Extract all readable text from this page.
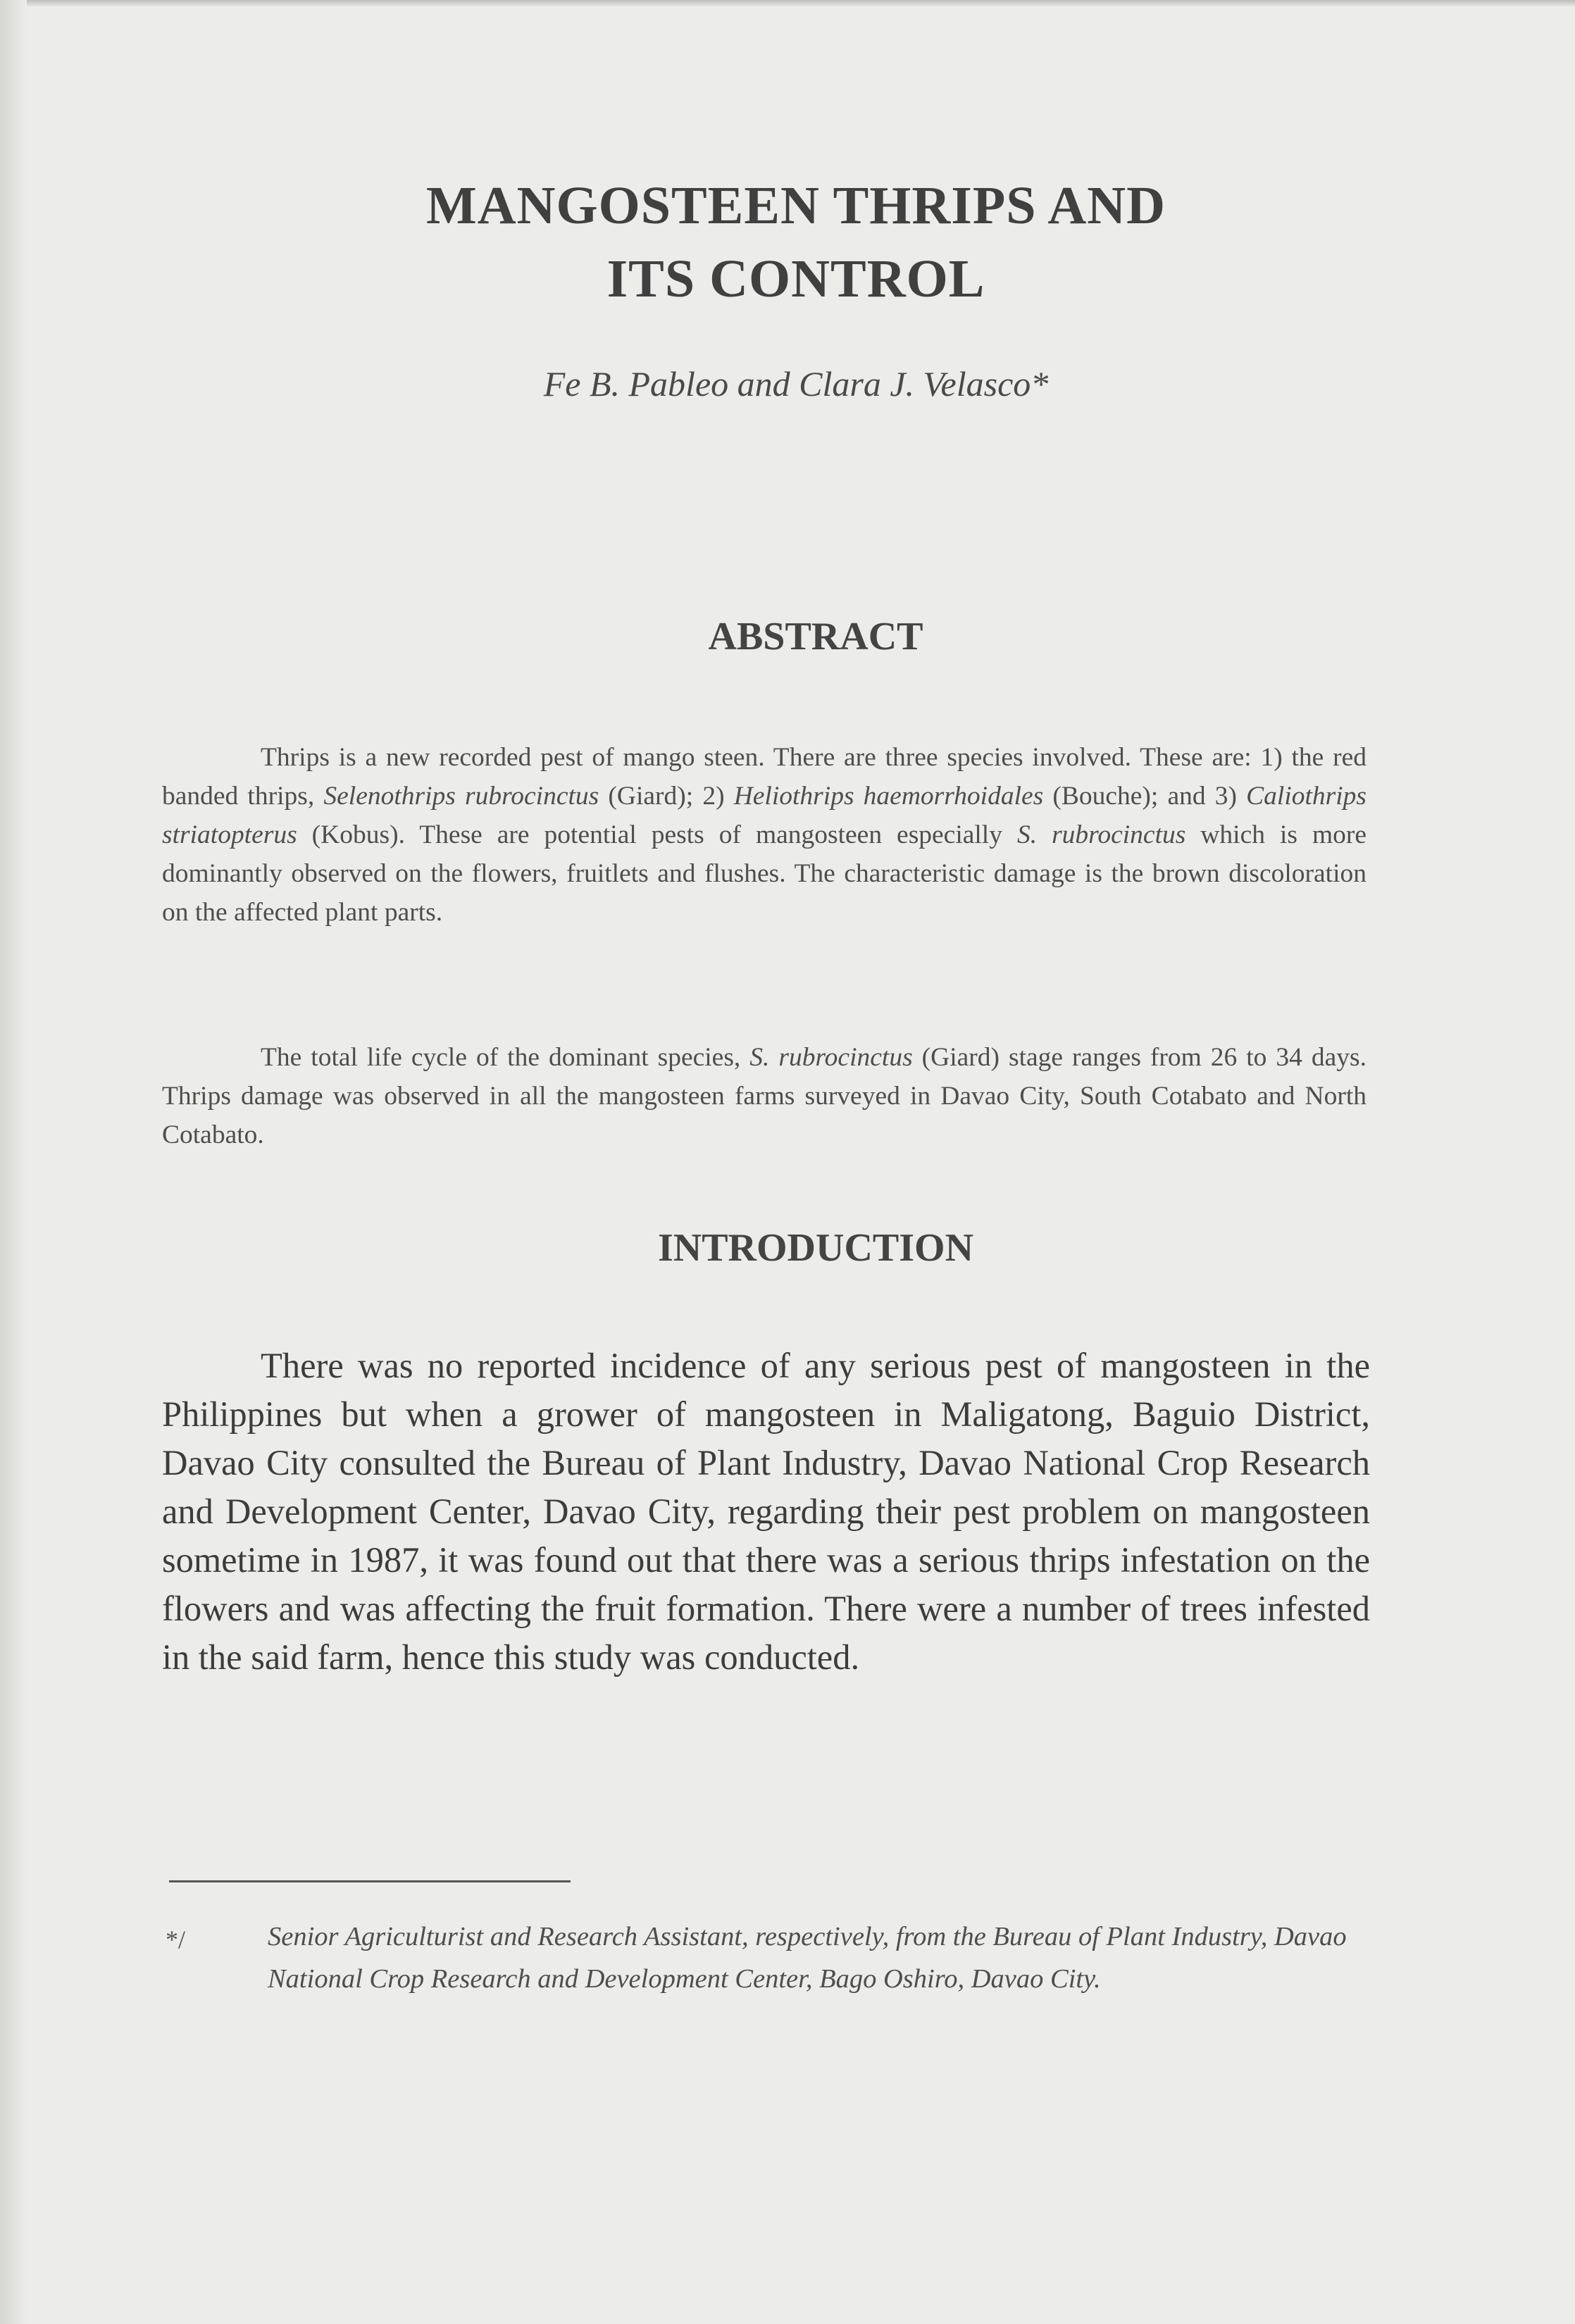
MANGOSTEEN THRIPS AND
ITS CONTROL
Fe B. Pableo and Clara J. Velasco*
ABSTRACT

Thrips is a new recorded pest of mango steen. There are three species involved. These are: 1) the red banded thrips, Selenothrips rubrocinctus (Giard); 2) Heliothrips haemorrhoidales (Bouche); and 3) Caliothrips striatopterus (Kobus). These are potential pests of mangosteen especially S. rubrocinctus which is more dominantly observed on the flowers, fruitlets and flushes. The characteristic damage is the brown discoloration on the affected plant parts.

The total life cycle of the dominant species, S. rubrocinctus (Giard) stage ranges from 26 to 34 days. Thrips damage was observed in all the mangosteen farms surveyed in Davao City, South Cotabato and North Cotabato.

INTRODUCTION

There was no reported incidence of any serious pest of mangosteen in the Philippines but when a grower of mangosteen in Maligatong, Baguio District, Davao City consulted the Bureau of Plant Industry, Davao National Crop Research and Development Center, Davao City, regarding their pest problem on mangosteen sometime in 1987, it was found out that there was a serious thrips infestation on the flowers and was affecting the fruit formation. There were a number of trees infested in the said farm, hence this study was conducted.

*/	Senior Agriculturist and Research Assistant, respectively, from the Bureau of Plant Industry, Davao National Crop Research and Development Center, Bago Oshiro, Davao City.
